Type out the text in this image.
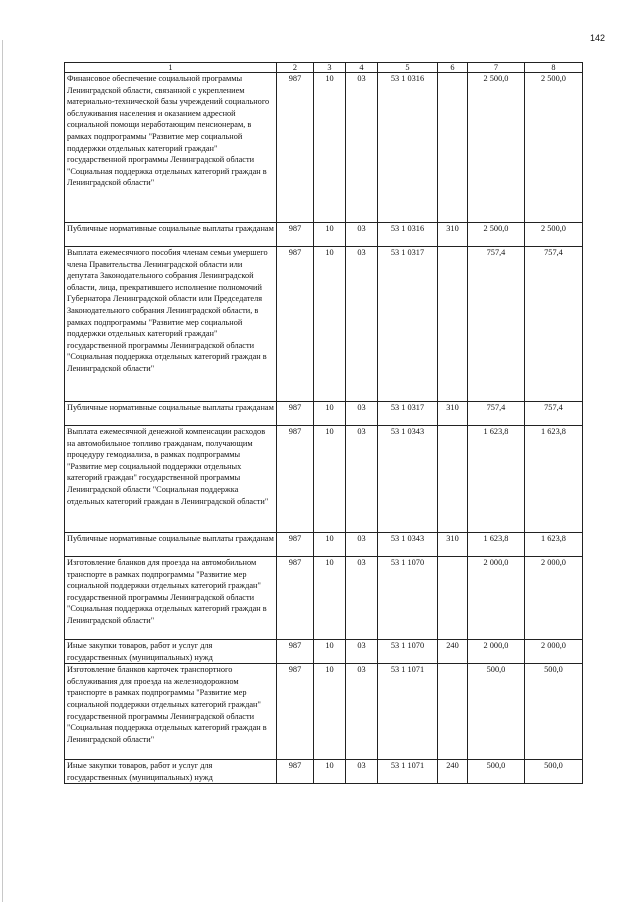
142
1	2	3	4	5	6	7	8
Финансовое обеспечение социальной программы Ленинградской области, связанной с укреплением материально-технической базы учреждений социального обслуживания населения и оказанием адресной социальной помощи неработающим пенсионерам, в рамках подпрограммы "Развитие мер социальной поддержки отдельных категорий граждан" государственной программы Ленинградской области "Социальная поддержка отдельных категорий граждан в Ленинградской области"	987	10	03	53 1 0316		2 500,0	2 500,0
Публичные нормативные социальные выплаты гражданам	987	10	03	53 1 0316	310	2 500,0	2 500,0
Выплата ежемесячного пособия членам семьи умершего члена Правительства Ленинградской области или депутата Законодательного собрания Ленинградской области, лица, прекратившего исполнение полномочий Губернатора Ленинградской области или Председателя Законодательного собрания Ленинградской области, в рамках подпрограммы "Развитие мер социальной поддержки отдельных категорий граждан" государственной программы Ленинградской области "Социальная поддержка отдельных категорий граждан в Ленинградской области"	987	10	03	53 1 0317		757,4	757,4
Публичные нормативные социальные выплаты гражданам	987	10	03	53 1 0317	310	757,4	757,4
Выплата ежемесячной денежной компенсации расходов на автомобильное топливо гражданам, получающим процедуру гемодиализа, в рамках подпрограммы "Развитие мер социальной поддержки отдельных категорий граждан" государственной программы Ленинградской области "Социальная поддержка отдельных категорий граждан в Ленинградской области"	987	10	03	53 1 0343		1 623,8	1 623,8
Публичные нормативные социальные выплаты гражданам	987	10	03	53 1 0343	310	1 623,8	1 623,8
Изготовление бланков для проезда на автомобильном транспорте в рамках подпрограммы "Развитие мер социальной поддержки отдельных категорий граждан" государственной программы Ленинградской области "Социальная поддержка отдельных категорий граждан в Ленинградской области"	987	10	03	53 1 1070		2 000,0	2 000,0
Иные закупки товаров, работ и услуг для государственных (муниципальных) нужд	987	10	03	53 1 1070	240	2 000,0	2 000,0
Изготовление бланков карточек транспортного обслуживания для проезда на железнодорожном транспорте в рамках подпрограммы "Развитие мер социальной поддержки отдельных категорий граждан" государственной программы Ленинградской области "Социальная поддержка отдельных категорий граждан в Ленинградской области"	987	10	03	53 1 1071		500,0	500,0
Иные закупки товаров, работ и услуг для государственных (муниципальных) нужд	987	10	03	53 1 1071	240	500,0	500,0
